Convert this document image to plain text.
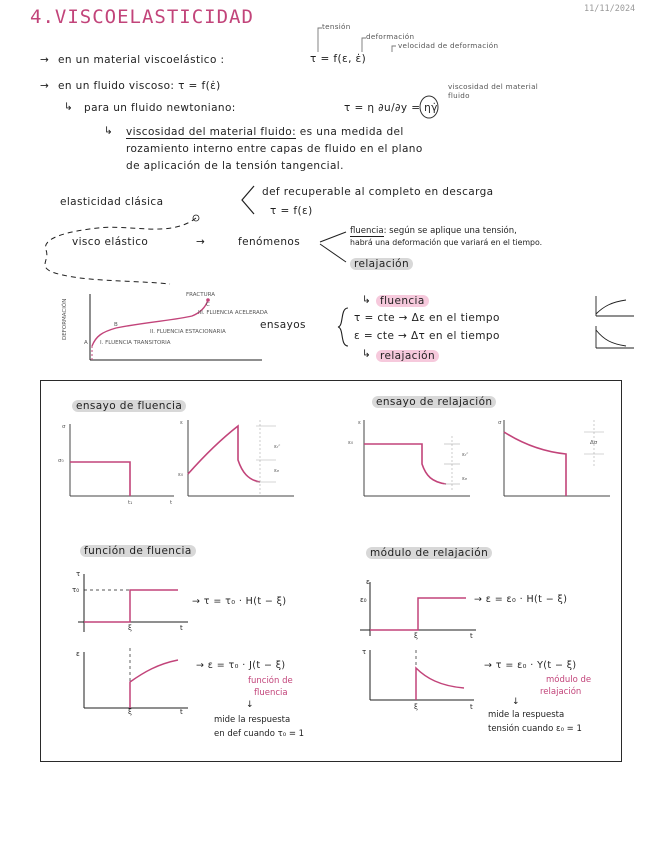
4.VISCOELASTICIDAD	11/11/2024
tensión
deformación
velocidad de deformación
→ en un material viscoelástico :	τ = f(ε, ε̇)
→ en un fluido viscoso: τ = f(ε̇)
↳ para un fluido newtoniano:	τ = η ∂u/∂y = ηγ̇
viscosidad del material fluido
↳ viscosidad del material fluido: es una medida del
rozamiento interno entre capas de fluido en el plano
de aplicación de la tensión tangencial.
elasticidad clásica
def recuperable al completo en descarga
τ = f(ε)
visco elástico	→	fenómenos
fluencia: según se aplique una tensión,
habrá una deformación que variará en el tiempo.
relajación
DEFORMACIÓN
FRACTURA
III. FLUENCIA ACELERADA
II. FLUENCIA ESTACIONARIA
I. FLUENCIA TRANSITORIA
A
B
C
ensayos
↳ fluencia
τ = cte → Δε en el tiempo
ε = cte → Δτ en el tiempo
↳ relajación
ensayo de fluencia	ensayo de relajación
σ
σ₀
t₁	t
ε
ε₀
εᵣᶜ
εₑ
ε
ε₀
εᵣᶜ
εₑ
σ
Δσ
función de fluencia	módulo de relajación
τ
τ₀
ξ	t
→ τ = τ₀ · H(t − ξ)
ε
ξ	t
→ ε = τ₀ · J(t − ξ)
función de
fluencia
↓
mide la respuesta
en def cuando τ₀ = 1
ε
ε₀
ξ	t
→ ε = ε₀ · H(t − ξ)
τ
ξ	t
→ τ = ε₀ · Y(t − ξ)
módulo de
relajación
↓
mide la respuesta
tensión cuando ε₀ = 1
